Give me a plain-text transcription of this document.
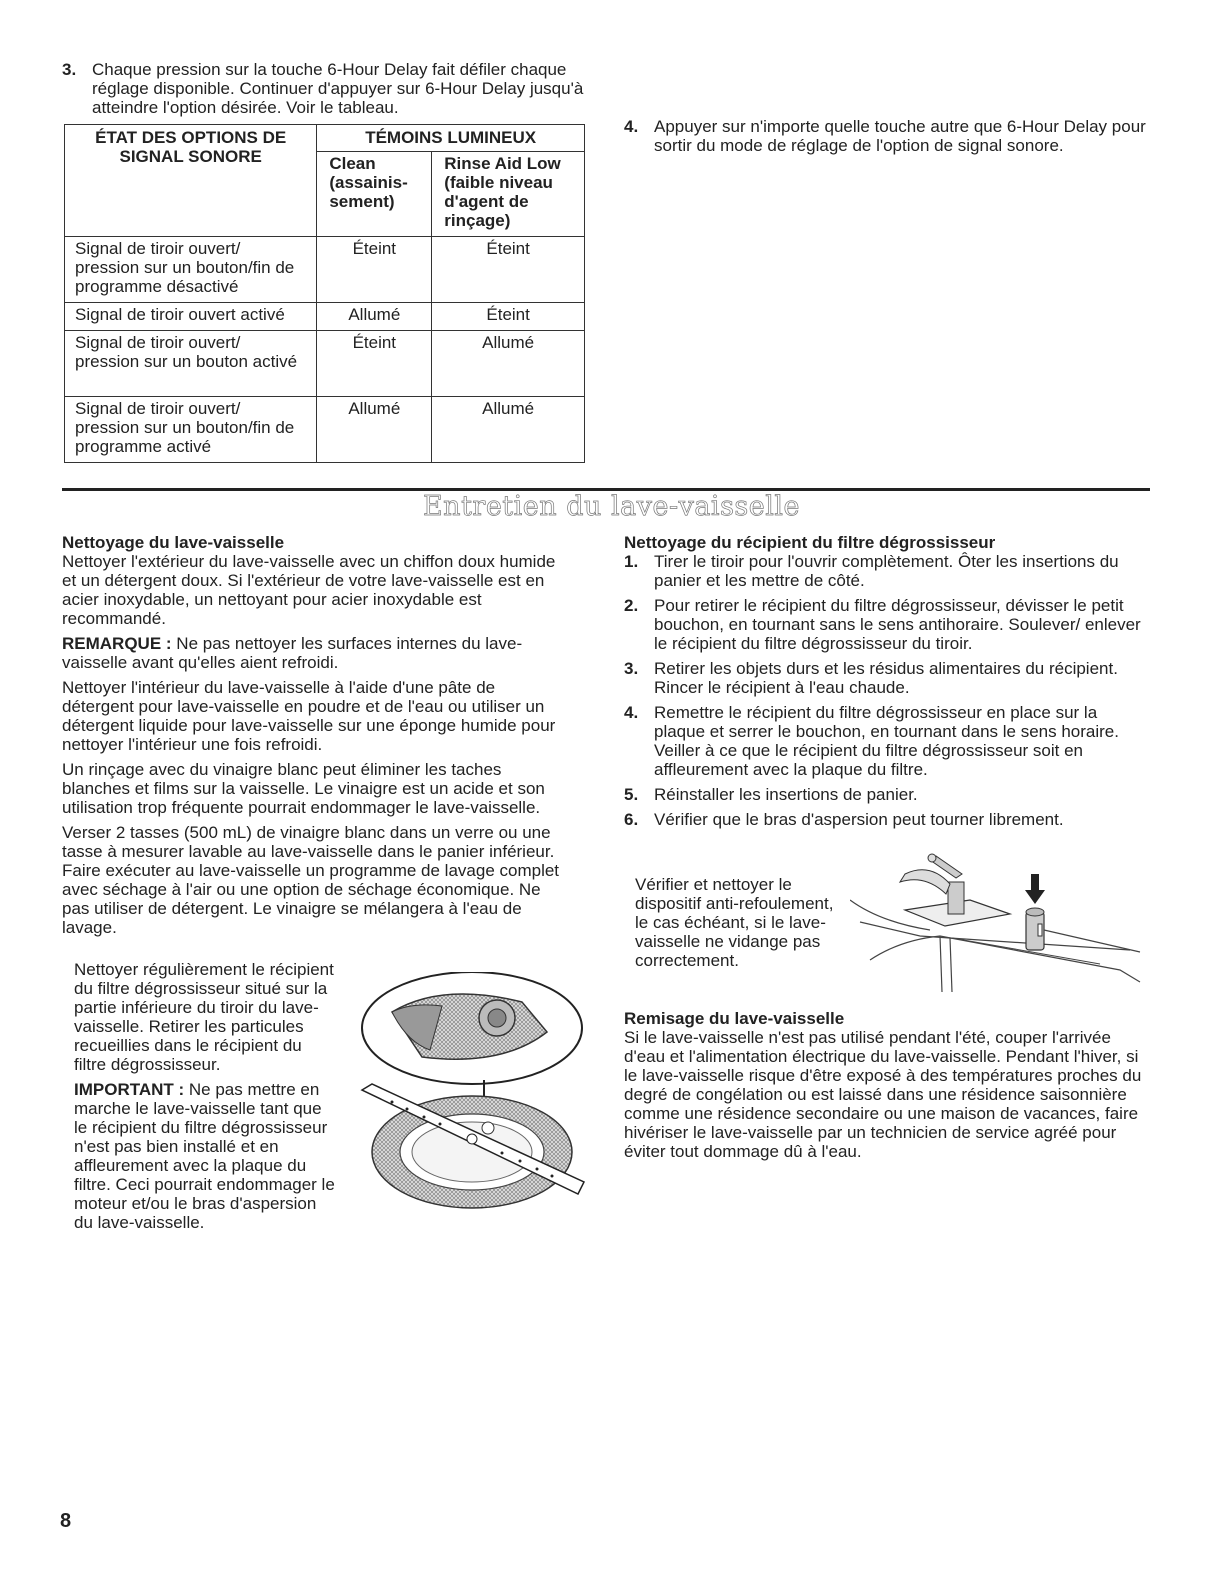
3. Chaque pression sur la touche 6-Hour Delay fait défiler chaque réglage disponible. Continuer d'appuyer sur 6-Hour Delay jusqu'à atteindre l'option désirée. Voir le tableau.

4. Appuyer sur n'importe quelle touche autre que 6-Hour Delay pour sortir du mode de réglage de l'option de signal sonore.

ÉTAT DES OPTIONS DE SIGNAL SONORE	TÉMOINS LUMINEUX	
	Clean (assainis-sement)	Rinse Aid Low (faible niveau d'agent de rinçage)
Signal de tiroir ouvert/ pression sur un bouton/fin de programme désactivé	Éteint	Éteint
Signal de tiroir ouvert activé	Allumé	Éteint
Signal de tiroir ouvert/ pression sur un bouton activé	Éteint	Allumé
Signal de tiroir ouvert/ pression sur un bouton/fin de programme activé	Allumé	Allumé
Entretien du lave-vaisselle

Nettoyage du lave-vaisselle

Nettoyer l'extérieur du lave-vaisselle avec un chiffon doux humide et un détergent doux. Si l'extérieur de votre lave-vaisselle est en acier inoxydable, un nettoyant pour acier inoxydable est recommandé.

REMARQUE : Ne pas nettoyer les surfaces internes du lave-vaisselle avant qu'elles aient refroidi.

Nettoyer l'intérieur du lave-vaisselle à l'aide d'une pâte de détergent pour lave-vaisselle en poudre et de l'eau ou utiliser un détergent liquide pour lave-vaisselle sur une éponge humide pour nettoyer l'intérieur une fois refroidi.

Un rinçage avec du vinaigre blanc peut éliminer les taches blanches et films sur la vaisselle. Le vinaigre est un acide et son utilisation trop fréquente pourrait endommager le lave-vaisselle.

Verser 2 tasses (500 mL) de vinaigre blanc dans un verre ou une tasse à mesurer lavable au lave-vaisselle dans le panier inférieur. Faire exécuter au lave-vaisselle un programme de lavage complet avec séchage à l'air ou une option de séchage économique. Ne pas utiliser de détergent. Le vinaigre se mélangera à l'eau de lavage.

Nettoyer régulièrement le récipient du filtre dégrossisseur situé sur la partie inférieure du tiroir du lave-vaisselle. Retirer les particules recueillies dans le récipient du filtre dégrossisseur.

IMPORTANT : Ne pas mettre en marche le lave-vaisselle tant que le récipient du filtre dégrossisseur n'est pas bien installé et en affleurement avec la plaque du filtre. Ceci pourrait endommager le moteur et/ou le bras d'aspersion du lave-vaisselle.

Nettoyage du récipient du filtre dégrossisseur

1. Tirer le tiroir pour l'ouvrir complètement. Ôter les insertions du panier et les mettre de côté.

2. Pour retirer le récipient du filtre dégrossisseur, dévisser le petit bouchon, en tournant sans le sens antihoraire. Soulever/ enlever le récipient du filtre dégrossisseur du tiroir.

3. Retirer les objets durs et les résidus alimentaires du récipient. Rincer le récipient à l'eau chaude.

4. Remettre le récipient du filtre dégrossisseur en place sur la plaque et serrer le bouchon, en tournant dans le sens horaire. Veiller à ce que le récipient du filtre dégrossisseur soit en affleurement avec la plaque du filtre.

5. Réinstaller les insertions de panier.

6. Vérifier que le bras d'aspersion peut tourner librement.

Vérifier et nettoyer le dispositif anti-refoulement, le cas échéant, si le lave-vaisselle ne vidange pas correctement.

Remisage du lave-vaisselle

Si le lave-vaisselle n'est pas utilisé pendant l'été, couper l'arrivée d'eau et l'alimentation électrique du lave-vaisselle. Pendant l'hiver, si le lave-vaisselle risque d'être exposé à des températures proches du degré de congélation ou est laissé dans une résidence saisonnière comme une résidence secondaire ou une maison de vacances, faire hivériser le lave-vaisselle par un technicien de service agréé pour éviter tout dommage dû à l'eau.

8
